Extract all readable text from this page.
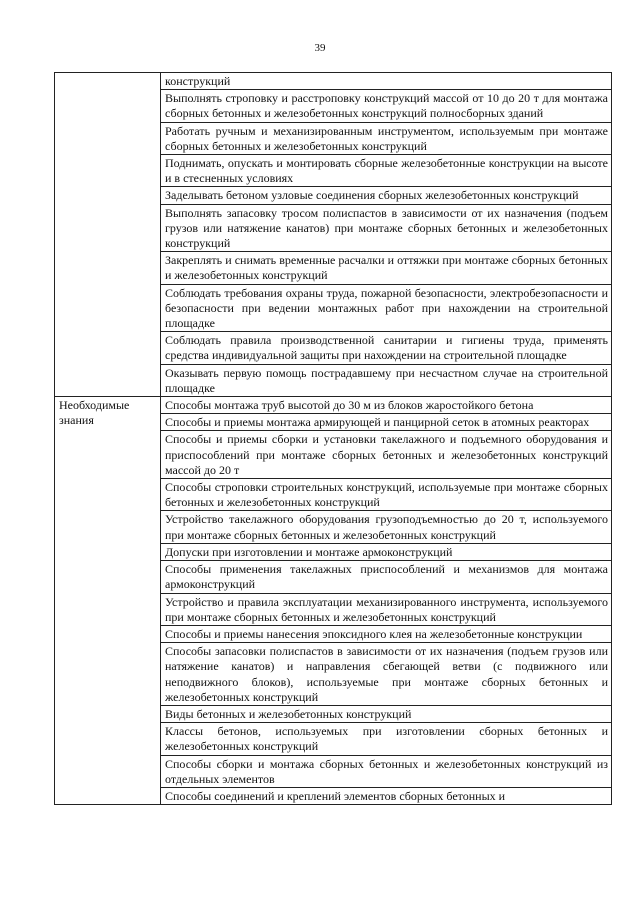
39
	конструкций
	Выполнять строповку и расстроповку конструкций массой от 10 до 20 т для монтажа сборных бетонных и железобетонных конструкций полносборных зданий
	Работать ручным и механизированным инструментом, используемым при монтаже сборных бетонных и железобетонных конструкций
	Поднимать, опускать и монтировать сборные железобетонные конструкции на высоте и в стесненных условиях
	Заделывать бетоном узловые соединения сборных железобетонных конструкций
	Выполнять запасовку тросом полиспастов в зависимости от их назначения (подъем грузов или натяжение канатов) при монтаже сборных бетонных и железобетонных конструкций
	Закреплять и снимать временные расчалки и оттяжки при монтаже сборных бетонных и железобетонных конструкций
	Соблюдать требования охраны труда, пожарной безопасности, электробезопасности и безопасности при ведении монтажных работ при нахождении на строительной площадке
	Соблюдать правила производственной санитарии и гигиены труда, применять средства индивидуальной защиты при нахождении на строительной площадке
	Оказывать первую помощь пострадавшему при несчастном случае на строительной площадке
Необходимые знания	Способы монтажа труб высотой до 30 м из блоков жаростойкого бетона
	Способы и приемы монтажа армирующей и панцирной сеток в атомных реакторах
	Способы и приемы сборки и установки такелажного и подъемного оборудования и приспособлений при монтаже сборных бетонных и железобетонных конструкций массой до 20 т
	Способы строповки строительных конструкций, используемые при монтаже сборных бетонных и железобетонных конструкций
	Устройство такелажного оборудования грузоподъемностью до 20 т, используемого при монтаже сборных бетонных и железобетонных конструкций
	Допуски при изготовлении и монтаже армоконструкций
	Способы применения такелажных приспособлений и механизмов для монтажа армоконструкций
	Устройство и правила эксплуатации механизированного инструмента, используемого при монтаже сборных бетонных и железобетонных конструкций
	Способы и приемы нанесения эпоксидного клея на железобетонные конструкции
	Способы запасовки полиспастов в зависимости от их назначения (подъем грузов или натяжение канатов) и направления сбегающей ветви (с подвижного или неподвижного блоков), используемые при монтаже сборных бетонных и железобетонных конструкций
	Виды бетонных и железобетонных конструкций
	Классы бетонов, используемых при изготовлении сборных бетонных и железобетонных конструкций
	Способы сборки и монтажа сборных бетонных и железобетонных конструкций из отдельных элементов
	Способы соединений и креплений элементов сборных бетонных и
